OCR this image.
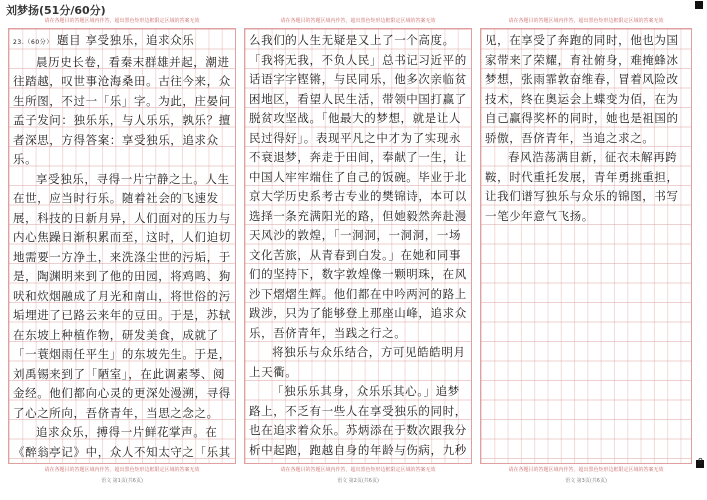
刘梦扬(51分/60分)
8
请在各题目的答题区域内作答，超出黑色矩形边框限定区域的答案无效
23.（60分） 题目 享受独乐，追求众乐

晨历史长卷，看秦末群雄并起，潮进往踏越，叹世事沧海桑田。古往今来，众生所图，不过一「乐」字。为此，庄晏问孟子发问：独乐乐，与人乐乐，孰乐？擅者深思，方得答案：享受独乐，追求众乐。

享受独乐，寻得一片宁静之土。人生在世，应当时行乐。随着社会的飞速发展，科技的日新月异，人们面对的压力与内心焦躁日渐积累而至，这时，人们迫切地需要一方净土，来洗涤尘世的污垢，于是，陶渊明来到了他的田园，将鸡鸣、狗吠和炊烟融成了月光和南山，将世俗的污垢埋进了已路云来年的豆田。于是，苏轼在东坡上种植作物，研发美食，成就了「一蓑烟雨任平生」的东坡先生。于是，刘禹锡来到了「陋室」，在此调素琴、阅金经。他们都向心灵的更深处漫溯，寻得了心之所向，吾侪青年，当思之念之。

追求众乐，搏得一片鲜花掌声。在《醉翁亭记》中，众人不知太守之「乐其

请在各题目的答题区域内作答，超出黑色矩形边框限定区域的答案无效
语文 第1页(共6页)
请在各题目的答题区域内作答，超出黑色矩形边框限定区域的答案无效

么我们的人生无疑是又上了一个高度。「我将无我，不负人民」总书记习近平的话语字字铿锵，与民同乐，他多次亲临贫困地区，看望人民生活，带领中国打赢了脱贫攻坚战。「他最大的梦想，就是让人民过得好」。表现平凡之中才为了实现永不衰退梦，奔走于田间，奉献了一生，让中国人牢牢端住了自己的饭碗。毕业于北京大学历史系考古专业的樊锦诗，本可以选择一条充满阳光的路，但她毅然奔赴漫天风沙的敦煌，「一洞洞，一洞洞，一场文化苦旅，从青春到白发。」在她和同事们的坚持下，数字敦煌像一颗明珠，在风沙下熠熠生辉。他们都在中吟两河的路上跋涉，只为了能够登上那座山峰，追求众乐，吾侪青年，当践之行之。

将独乐与众乐结合，方可见皓皓明月上天衢。

「独乐乐其身，众乐乐其心。」追梦路上，不乏有一些人在享受独乐的同时，也在追求着众乐。苏炳添在于数次跟我分析中起跑，跑越自身的年龄与伤病，九秒

请在各题目的答题区域内作答，超出黑色矩形边框限定区域的答案无效
语文 第2页(共6页)
请在各题目的答题区域内作答，超出黑色矩形边框限定区域的答案无效

见，在享受了奔跑的同时，他也为国家带来了荣耀，育社俯身，难掩蜂冰梦想，张雨霏敦奋维春，冒着风险改技术，终在奥运会上蝶变为佰，在为自己赢得奖杯的同时，她也是祖国的骄傲，吾侪青年，当追之求之。

春风浩荡满目新，征衣未解再跨鞍，时代重托发展，青年勇挑重担，让我们谱写独乐与众乐的锦图，书写一笔少年意气飞扬。

请在各题目的答题区域内作答，超出黑色矩形边框限定区域的答案无效
语文 第3页(共6页)
